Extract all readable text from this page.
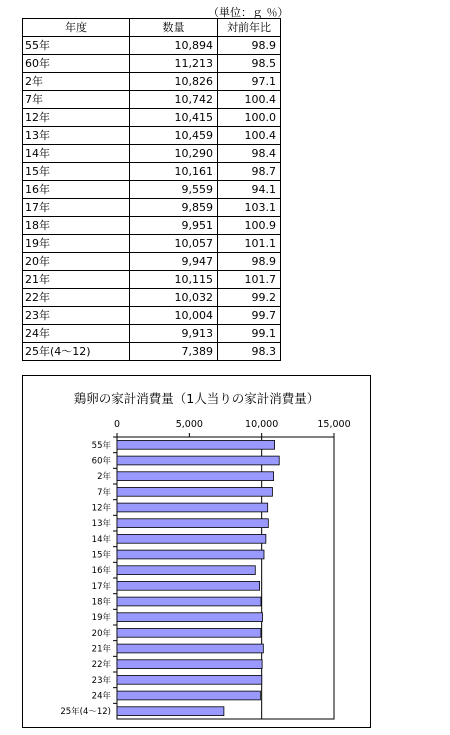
（単位：ｇ ％）
年度	数量	対前年比
55年	10,894	98.9
60年	11,213	98.5
2年	10,826	97.1
7年	10,742	100.4
12年	10,415	100.0
13年	10,459	100.4
14年	10,290	98.4
15年	10,161	98.7
16年	9,559	94.1
17年	9,859	103.1
18年	9,951	100.9
19年	10,057	101.1
20年	9,947	98.9
21年	10,115	101.7
22年	10,032	99.2
23年	10,004	99.7
24年	9,913	99.1
25年(4～12)	7,389	98.3
鶏卵の家計消費量（1人当りの家計消費量）
0	5,000	10,000	15,000
55年
60年
2年
7年
12年
13年
14年
15年
16年
17年
18年
19年
20年
21年
22年
23年
24年
25年(4～12)
